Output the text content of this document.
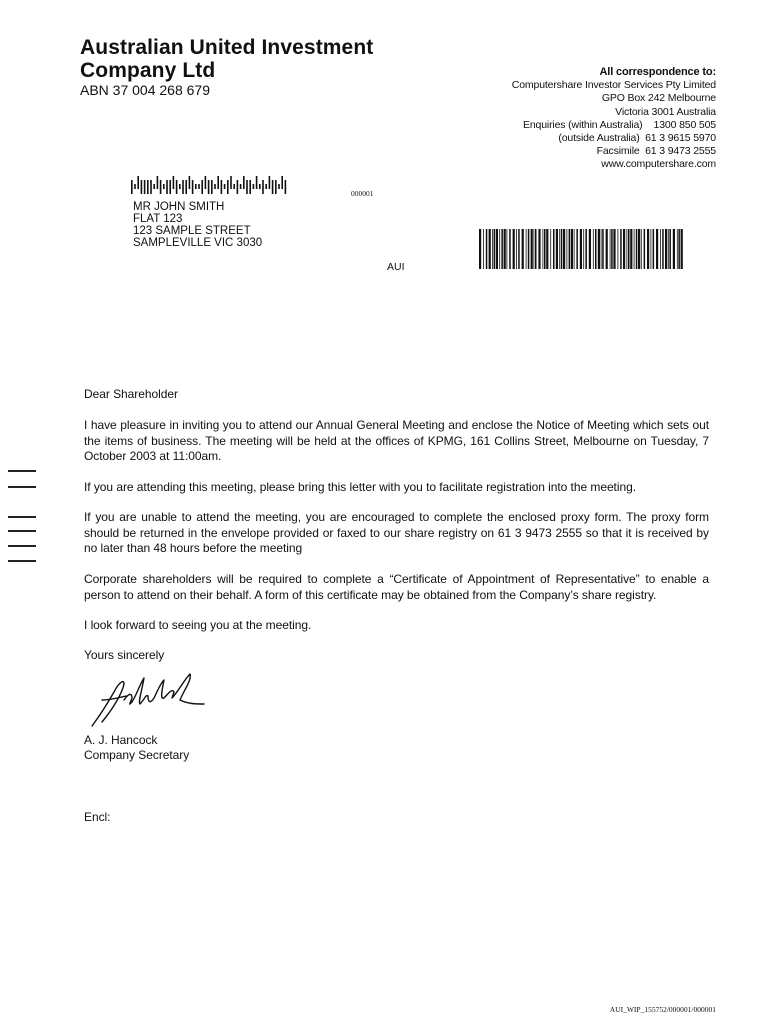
Australian United Investment
Company Ltd
ABN 37 004 268 679
All correspondence to:
Computershare Investor Services Pty Limited
GPO Box 242 Melbourne
Victoria 3001 Australia
Enquiries (within Australia)    1300 850 505
(outside Australia)  61 3 9615 5970
Facsimile  61 3 9473 2555
www.computershare.com
000001
MR JOHN SMITH
FLAT 123
123 SAMPLE STREET
SAMPLEVILLE VIC 3030
AUI
Dear Shareholder
I have pleasure in inviting you to attend our Annual General Meeting and enclose the Notice of Meeting which sets out the items of business. The meeting will be held at the offices of KPMG, 161 Collins Street, Melbourne on Tuesday, 7 October 2003 at 11:00am.
If you are attending this meeting, please bring this letter with you to facilitate registration into the meeting.
If you are unable to attend the meeting, you are encouraged to complete the enclosed proxy form. The proxy form should be returned in the envelope provided or faxed to our share registry on 61 3 9473 2555 so that it is received by no later than 48 hours before the meeting
Corporate shareholders will be required to complete a “Certificate of Appointment of Representative” to enable a person to attend on their behalf. A form of this certificate may be obtained from the Company’s share registry.
I look forward to seeing you at the meeting.
Yours sincerely
A. J. Hancock
Company Secretary
Encl:
AUI_WIP_155752/000001/000001
